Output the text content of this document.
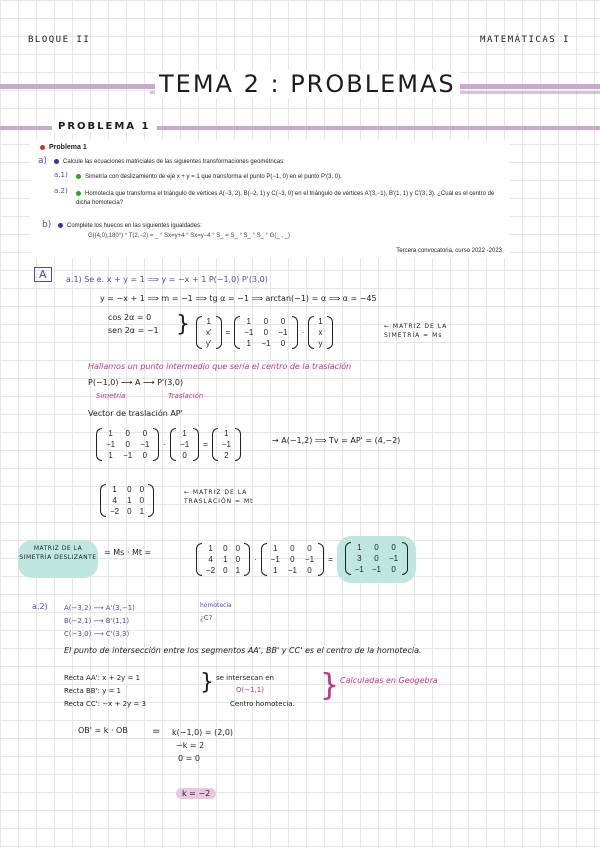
BLOQUE II	MATEMÁTICAS I
TEMA 2 : PROBLEMAS
PROBLEMA 1
Problema 1
a)	Calcule las ecuaciones matriciales de las siguientes transformaciones geométricas:
a.1)	Simetría con deslizamiento de eje x + y = 1 que transforma el punto P(−1, 0) en el punto P'(3, 0).
a.2)	Homotecia que transforma el triángulo de vértices A(−3, 2), B(−2, 1) y C(−3, 0) en el triángulo de vértices A'(3,−1), B'(1, 1) y C'(3, 3). ¿Cuál es el centro de dicha homotecia?
b)	Complete los huecos en las siguientes igualdades:
G((4,0),180°) ° T(2,−2) = _ ° Sx=y+4 ° Sx=y−4 ° S_ = S_ ° S_ ° S_ ° G(_ , _)
Tercera convocatoria, curso 2022 -2023
A	a.1) Se e. x + y = 1 ⟹ y = −x + 1 P(−1,0) P'(3,0)
y = −x + 1 ⟹ m = −1 ⟹ tg α = −1 ⟹ arctan(−1) = α ⟹ α = −45
cos 2α = 0
sen 2α = −1 } 1
x'
y'
=
1	0	0
−1	0	−1
1	−1	0
·
1
x
y
← MATRIZ DE LA SIMETRÍA = Ms
Hallamos un punto intermedio que sería el centro de la traslación
P(−1,0) ⟶ A ⟶ P'(3,0)
Simetría	Traslación
Vector de traslación AP'
1	0	0
−1	0	−1
1	−1	0
·
1
−1
0
=
1
−1
2
→ A(−1,2) ⟹ Tv = AP' = (4,−2)
1	0	0
4	1	0
−2	0	1
← MATRIZ DE LA TRASLACIÓN = Mt
MATRIZ DE LA SIMETRÍA DESLIZANTE
= Ms · Mt =	1	0	0
4	1	0
−2	0	1
·
1	0	0
−1	0	−1
1	−1	0
=
1	0	0
3	0	−1
−1	−1	0
a.2) A(−3,2) ⟶ A'(3,−1)
B(−2,1) ⟶ B'(1,1)
C(−3,0) ⟶ C'(3,3)
homotecia
¿C?
El punto de intersección entre los segmentos AA', BB' y CC' es el centro de la homotecia.
Recta AA': x + 2y = 1
Recta BB': y = 1
Recta CC': −x + 2y = 3
} se intersecan en
O(−1,1)
Centro homotecia.
} Calculadas en Geogebra
OB' = k · OB = k(−1,0) = (2,0)
−k = 2
0 = 0
k = −2
